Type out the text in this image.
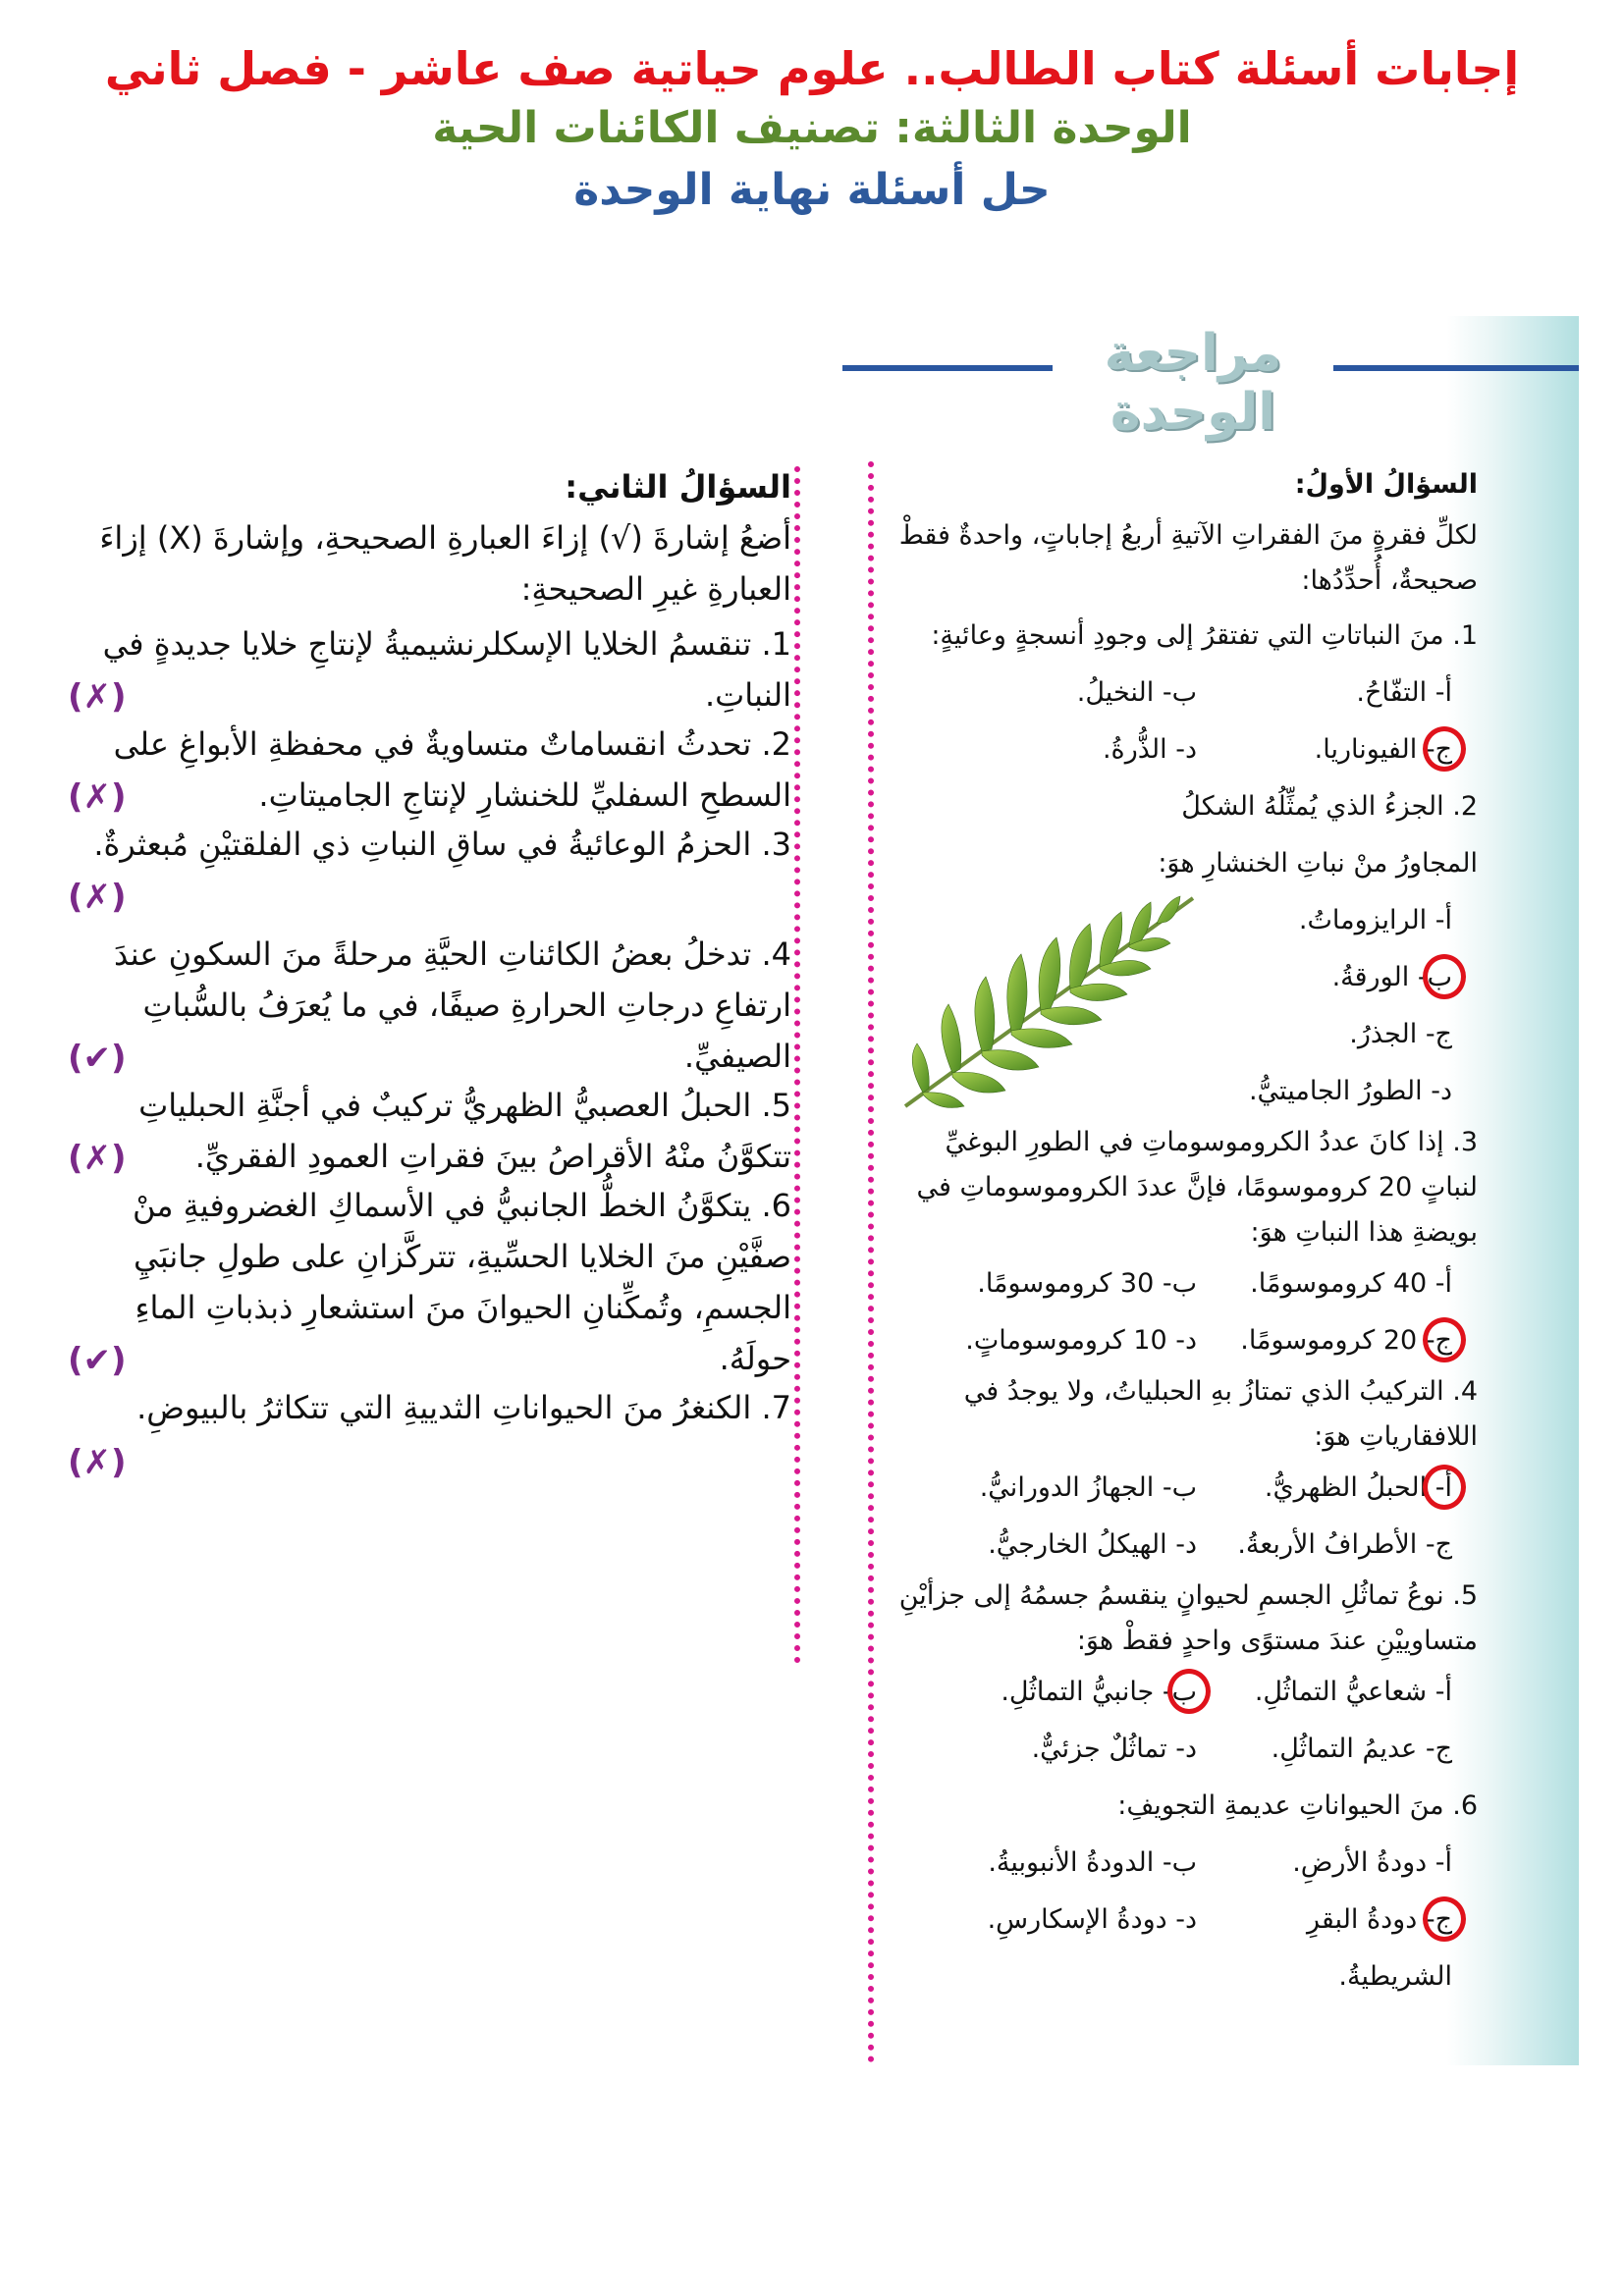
إجابات أسئلة كتاب الطالب.. علوم حياتية صف عاشر - فصل ثاني
الوحدة الثالثة: تصنيف الكائنات الحية
حل أسئلة نهاية الوحدة
مراجعة الوحدة
السؤالُ الأولُ:
لكلِّ فقرةٍ منَ الفقراتِ الآتيةِ أربعُ إجاباتٍ، واحدةٌ فقطْ صحيحةٌ، أُحدِّدُها:
1. منَ النباتاتِ التي تفتقرُ إلى وجودِ أنسجةٍ وعائيةٍ:
أ- التفّاحُ.
ب- النخيلُ.
ج- الفيوناريا.
د- الذُّرةُ.
2. الجزءُ الذي يُمثِّلُهُ الشكلُ المجاورُ منْ نباتِ الخنشارِ هوَ:
أ- الرايزوماتُ.
ب- الورقةُ.
ج- الجذرُ.
د- الطورُ الجاميتيُّ.
3. إذا كانَ عددُ الكروموسوماتِ في الطورِ البوغيِّ لنباتٍ 20 كروموسومًا، فإنَّ عددَ الكروموسوماتِ في بويضةِ هذا النباتِ هوَ:
أ- 40 كروموسومًا.
ب- 30 كروموسومًا.
ج- 20 كروموسومًا.
د- 10 كروموسوماتٍ.
4. التركيبُ الذي تمتازُ بهِ الحبلياتُ، ولا يوجدُ في اللافقارياتِ هوَ:
أ- الحبلُ الظهريُّ.
ب- الجهازُ الدورانيُّ.
ج- الأطرافُ الأربعةُ.
د- الهيكلُ الخارجيُّ.
5. نوعُ تماثُلِ الجسمِ لحيوانٍ ينقسمُ جسمُهُ إلى جزأيْنِ متساوييْنِ عندَ مستوًى واحدٍ فقطْ هوَ:
أ- شعاعيُّ التماثُلِ.
ب- جانبيُّ التماثُلِ.
ج- عديمُ التماثُلِ.
د- تماثُلٌ جزئيٌّ.
6. منَ الحيواناتِ عديمةِ التجويفِ:
أ- دودةُ الأرضِ.
ب- الدودةُ الأنبوبيةُ.
ج- دودةُ البقرِ الشريطيةُ.
د- دودةُ الإسكارسِ.
السؤالُ الثاني:
أضعُ إشارةَ (√) إزاءَ العبارةِ الصحيحةِ، وإشارةَ (X) إزاءَ العبارةِ غيرِ الصحيحةِ:
1. تنقسمُ الخلايا الإسكلرنشيميةُ لإنتاجِ خلايا جديدةٍ في النباتِ.
(✗)
2. تحدثُ انقساماتٌ متساويةٌ في محفظةِ الأبواغِ على السطحِ السفليِّ للخنشارِ لإنتاجِ الجاميتاتِ.
(✗)
3. الحزمُ الوعائيةُ في ساقِ النباتِ ذي الفلقتيْنِ مُبعثرةٌ.
(✗)
4. تدخلُ بعضُ الكائناتِ الحيَّةِ مرحلةً منَ السكونِ عندَ ارتفاعِ درجاتِ الحرارةِ صيفًا، في ما يُعرَفُ بالسُّباتِ الصيفيِّ.
(✔)
5. الحبلُ العصبيُّ الظهريُّ تركيبٌ في أجنَّةِ الحبلياتِ تتكوَّنُ منْهُ الأقراصُ بينَ فقراتِ العمودِ الفقريِّ.
(✗)
6. يتكوَّنُ الخطُّ الجانبيُّ في الأسماكِ الغضروفيةِ منْ صفَّيْنِ منَ الخلايا الحسِّيةِ، تتركَّزانِ على طولِ جانبَيِ الجسمِ، وتُمكِّنانِ الحيوانَ منَ استشعارِ ذبذباتِ الماءِ حولَهُ.
(✔)
7. الكنغرُ منَ الحيواناتِ الثدييةِ التي تتكاثرُ بالبيوضِ.
(✗)
